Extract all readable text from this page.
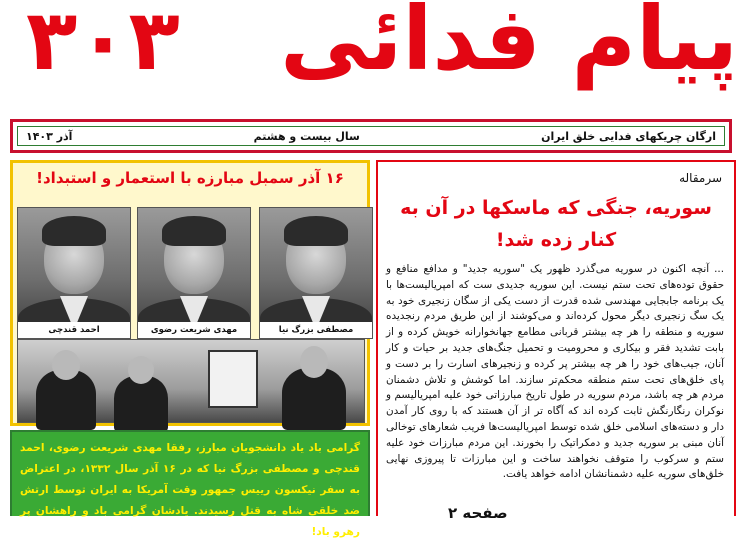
پیام فدائی
۳۰۳
ارگان چریکهای فدایی خلق ایران
سال بیست و هشتم
آذر ۱۴۰۳
سرمقاله
سوریه، جنگی که ماسکها در آن به کنار زده شد!
... آنچه اکنون در سوریه می‌گذرد ظهور یک "سوریه جدید" و مدافع منافع و حقوق توده‌های تحت ستم نیست. این سوریه جدیدی ست که امپریالیست‌ها با یک برنامه جابجایی مهندسی شده قدرت از دست یکی از سگان زنجیری خود به یک سگ زنجیری دیگر محول کرده‌اند و می‌کوشند از این طریق مردم رنجدیده سوریه و منطقه را هر چه بیشتر قربانی مطامع جهانخوارانه خویش کرده و از بابت تشدید فقر و بیکاری و محرومیت و تحمیل جنگ‌های جدید بر حیات و کار آنان، جیب‌های خود را هر چه بیشتر پر کرده و زنجیرهای اسارت را بر دست و پای خلق‌های تحت ستم منطقه محکم‌تر سازند. اما کوشش و تلاش دشمنان مردم هر چه باشد، مردم سوریه در طول تاریخ مبارزاتی خود علیه امپریالیسم و نوکران رنگارنگش ثابت کرده اند که آگاه تر از آن هستند که با روی کار آمدن دار و دسته‌های اسلامی خلق شده توسط امپریالیست‌ها فریب شعارهای توخالی آنان مبنی بر سوریه جدید و دمکراتیک را بخورند. این مردم مبارزات خود علیه ستم و سرکوب را متوقف نخواهند ساخت و این مبارزات تا پیروزی نهایی خلق‌های سوریه علیه دشمنانشان ادامه خواهد یافت.
صفحه ۲
۱۶ آذر سمبل مبارزه با استعمار و استبداد!
مصطفی بزرگ نیا
مهدی شریعت رضوی
احمد قندچی
گرامی باد یاد دانشجویان مبارز، رفقا مهدی شریعت رضوی، احمد قندچی و مصطفی بزرگ نیا که در ۱۶ آذر سال ۱۳۳۲، در اعتراض به سفر نیکسون رییس جمهور وقت آمریکا به ایران توسط ارتش ضد خلقی شاه به قتل رسیدند. یادشان گرامی باد و راهشان پر رهرو باد!
